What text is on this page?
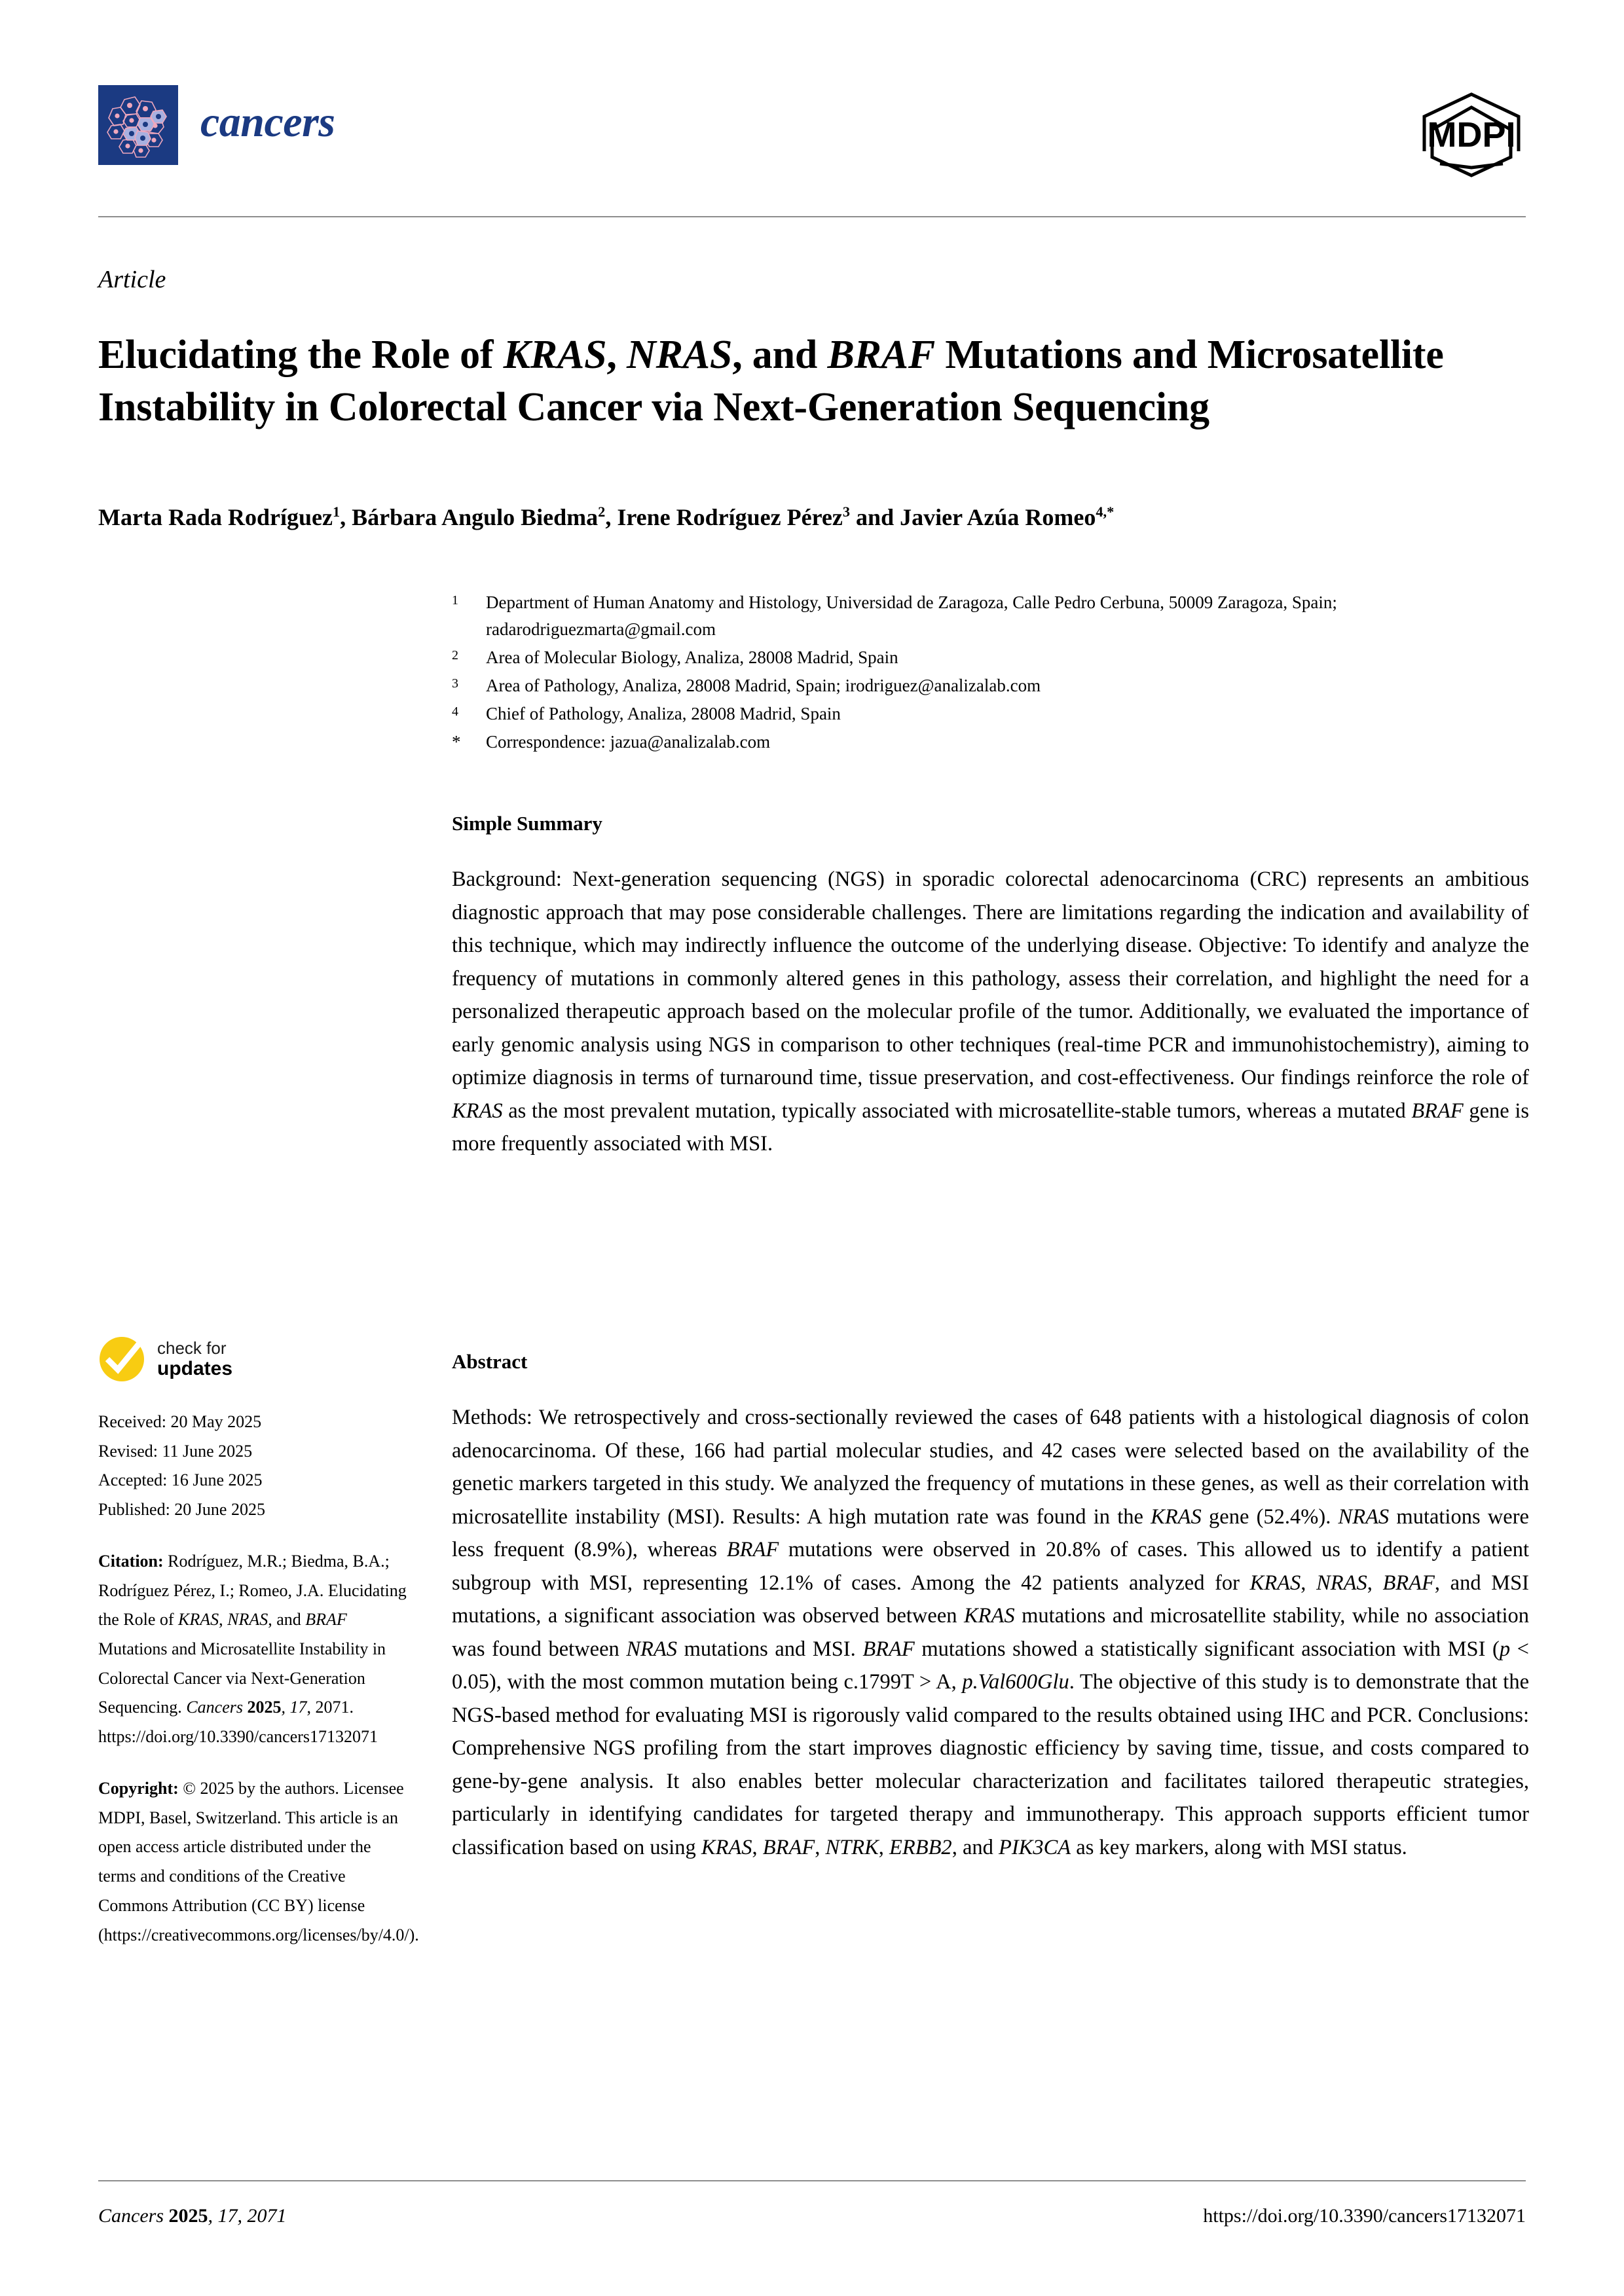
cancers	MDPI
Article
Elucidating the Role of KRAS, NRAS, and BRAF Mutations and Microsatellite Instability in Colorectal Cancer via Next-Generation Sequencing
Marta Rada Rodríguez$^1$, Bárbara Angulo Biedma$^2$, Irene Rodríguez Pérez$^3$ and Javier Azúa Romeo$^{4,*}$
1	Department of Human Anatomy and Histology, Universidad de Zaragoza, Calle Pedro Cerbuna, 50009 Zaragoza, Spain; radarodriguezmarta@gmail.com
2	Area of Molecular Biology, Analiza, 28008 Madrid, Spain
3	Area of Pathology, Analiza, 28008 Madrid, Spain; irodriguez@analizalab.com
4	Chief of Pathology, Analiza, 28008 Madrid, Spain
*	Correspondence: jazua@analizalab.com
Simple Summary
Background: Next-generation sequencing (NGS) in sporadic colorectal adenocarcinoma (CRC) represents an ambitious diagnostic approach that may pose considerable challenges. There are limitations regarding the indication and availability of this technique, which may indirectly influence the outcome of the underlying disease. Objective: To identify and analyze the frequency of mutations in commonly altered genes in this pathology, assess their correlation, and highlight the need for a personalized therapeutic approach based on the molecular profile of the tumor. Additionally, we evaluated the importance of early genomic analysis using NGS in comparison to other techniques (real-time PCR and immunohistochemistry), aiming to optimize diagnosis in terms of turnaround time, tissue preservation, and cost-effectiveness. Our findings reinforce the role of KRAS as the most prevalent mutation, typically associated with microsatellite-stable tumors, whereas a mutated BRAF gene is more frequently associated with MSI.
Abstract
Methods: We retrospectively and cross-sectionally reviewed the cases of 648 patients with a histological diagnosis of colon adenocarcinoma. Of these, 166 had partial molecular studies, and 42 cases were selected based on the availability of the genetic markers targeted in this study. We analyzed the frequency of mutations in these genes, as well as their correlation with microsatellite instability (MSI). Results: A high mutation rate was found in the KRAS gene (52.4%). NRAS mutations were less frequent (8.9%), whereas BRAF mutations were observed in 20.8% of cases. This allowed us to identify a patient subgroup with MSI, representing 12.1% of cases. Among the 42 patients analyzed for KRAS, NRAS, BRAF, and MSI mutations, a significant association was observed between KRAS mutations and microsatellite stability, while no association was found between NRAS mutations and MSI. BRAF mutations showed a statistically significant association with MSI (p < 0.05), with the most common mutation being c.1799T > A, p.Val600Glu. The objective of this study is to demonstrate that the NGS-based method for evaluating MSI is rigorously valid compared to the results obtained using IHC and PCR. Conclusions: Comprehensive NGS profiling from the start improves diagnostic efficiency by saving time, tissue, and costs compared to gene-by-gene analysis. It also enables better molecular characterization and facilitates tailored therapeutic strategies, particularly in identifying candidates for targeted therapy and immunotherapy. This approach supports efficient tumor classification based on using KRAS, BRAF, NTRK, ERBB2, and PIK3CA as key markers, along with MSI status.
check for
updates
Received: 20 May 2025
Revised: 11 June 2025
Accepted: 16 June 2025
Published: 20 June 2025
Citation: Rodríguez, M.R.; Biedma, B.A.; Rodríguez Pérez, I.; Romeo, J.A. Elucidating the Role of KRAS, NRAS, and BRAF Mutations and Microsatellite Instability in Colorectal Cancer via Next-Generation Sequencing. Cancers 2025, 17, 2071. https://doi.org/10.3390/cancers17132071
Copyright: © 2025 by the authors. Licensee MDPI, Basel, Switzerland. This article is an open access article distributed under the terms and conditions of the Creative Commons Attribution (CC BY) license (https://creativecommons.org/licenses/by/4.0/).
Cancers 2025, 17, 2071	https://doi.org/10.3390/cancers17132071
